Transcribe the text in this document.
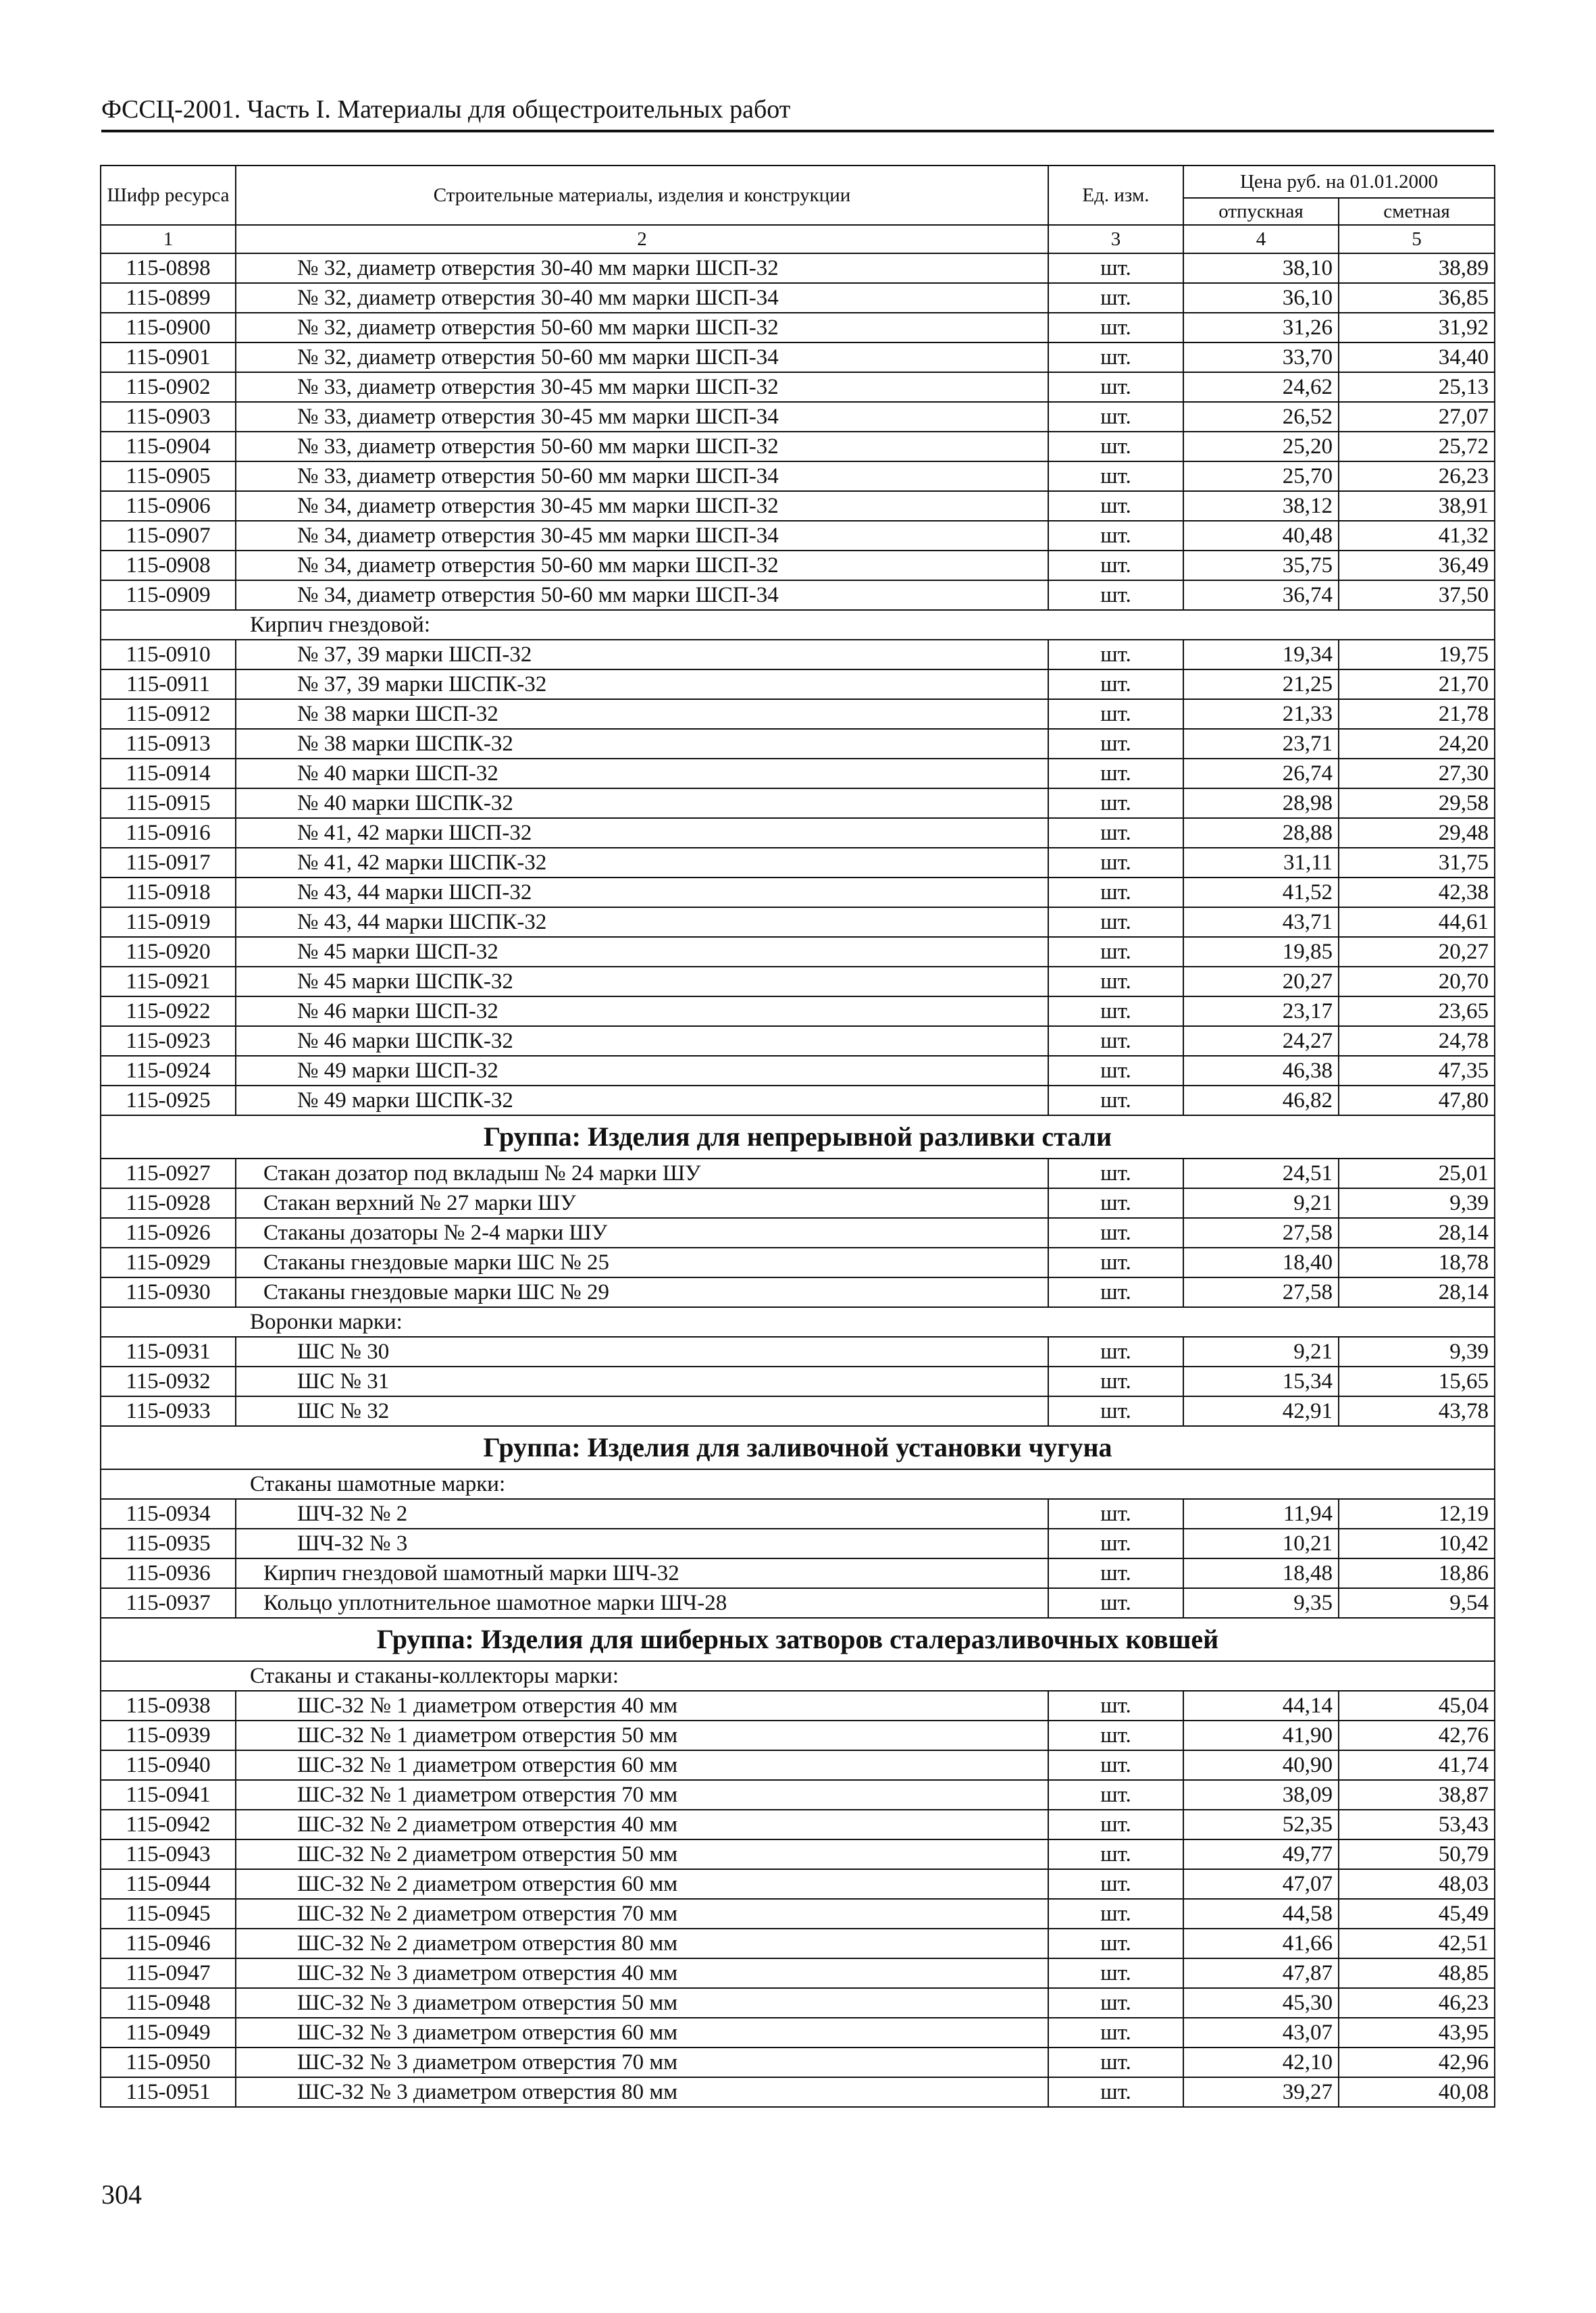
ФССЦ-2001. Часть I. Материалы для общестроительных работ
Шифр ресурса	Строительные материалы, изделия и конструкции	Ед. изм.	Цена руб. на 01.01.2000	
			отпускная	сметная
1	2	3	4	5
115-0898	№ 32, диаметр отверстия 30-40 мм марки ШСП-32	шт.	38,10	38,89
115-0899	№ 32, диаметр отверстия 30-40 мм марки ШСП-34	шт.	36,10	36,85
115-0900	№ 32, диаметр отверстия 50-60 мм марки ШСП-32	шт.	31,26	31,92
115-0901	№ 32, диаметр отверстия 50-60 мм марки ШСП-34	шт.	33,70	34,40
115-0902	№ 33, диаметр отверстия 30-45 мм марки ШСП-32	шт.	24,62	25,13
115-0903	№ 33, диаметр отверстия 30-45 мм марки ШСП-34	шт.	26,52	27,07
115-0904	№ 33, диаметр отверстия 50-60 мм марки ШСП-32	шт.	25,20	25,72
115-0905	№ 33, диаметр отверстия 50-60 мм марки ШСП-34	шт.	25,70	26,23
115-0906	№ 34, диаметр отверстия 30-45 мм марки ШСП-32	шт.	38,12	38,91
115-0907	№ 34, диаметр отверстия 30-45 мм марки ШСП-34	шт.	40,48	41,32
115-0908	№ 34, диаметр отверстия 50-60 мм марки ШСП-32	шт.	35,75	36,49
115-0909	№ 34, диаметр отверстия 50-60 мм марки ШСП-34	шт.	36,74	37,50
Кирпич гнездовой:				
115-0910	№ 37, 39 марки ШСП-32	шт.	19,34	19,75
115-0911	№ 37, 39 марки ШСПК-32	шт.	21,25	21,70
115-0912	№ 38 марки ШСП-32	шт.	21,33	21,78
115-0913	№ 38 марки ШСПК-32	шт.	23,71	24,20
115-0914	№ 40 марки ШСП-32	шт.	26,74	27,30
115-0915	№ 40 марки ШСПК-32	шт.	28,98	29,58
115-0916	№ 41, 42 марки ШСП-32	шт.	28,88	29,48
115-0917	№ 41, 42 марки ШСПК-32	шт.	31,11	31,75
115-0918	№ 43, 44 марки ШСП-32	шт.	41,52	42,38
115-0919	№ 43, 44 марки ШСПК-32	шт.	43,71	44,61
115-0920	№ 45 марки ШСП-32	шт.	19,85	20,27
115-0921	№ 45 марки ШСПК-32	шт.	20,27	20,70
115-0922	№ 46 марки ШСП-32	шт.	23,17	23,65
115-0923	№ 46 марки ШСПК-32	шт.	24,27	24,78
115-0924	№ 49 марки ШСП-32	шт.	46,38	47,35
115-0925	№ 49 марки ШСПК-32	шт.	46,82	47,80
Группа: Изделия для непрерывной разливки стали				
115-0927	Стакан дозатор под вкладыш № 24 марки ШУ	шт.	24,51	25,01
115-0928	Стакан верхний № 27 марки ШУ	шт.	9,21	9,39
115-0926	Стаканы дозаторы № 2-4 марки ШУ	шт.	27,58	28,14
115-0929	Стаканы гнездовые марки ШС № 25	шт.	18,40	18,78
115-0930	Стаканы гнездовые марки ШС № 29	шт.	27,58	28,14
Воронки марки:				
115-0931	ШС № 30	шт.	9,21	9,39
115-0932	ШС № 31	шт.	15,34	15,65
115-0933	ШС № 32	шт.	42,91	43,78
Группа: Изделия для заливочной установки чугуна				
Стаканы шамотные марки:				
115-0934	ШЧ-32 № 2	шт.	11,94	12,19
115-0935	ШЧ-32 № 3	шт.	10,21	10,42
115-0936	Кирпич гнездовой шамотный марки ШЧ-32	шт.	18,48	18,86
115-0937	Кольцо уплотнительное шамотное марки ШЧ-28	шт.	9,35	9,54
Группа: Изделия для шиберных затворов сталеразливочных ковшей				
Стаканы и стаканы-коллекторы марки:				
115-0938	ШС-32 № 1 диаметром отверстия 40 мм	шт.	44,14	45,04
115-0939	ШС-32 № 1 диаметром отверстия 50 мм	шт.	41,90	42,76
115-0940	ШС-32 № 1 диаметром отверстия 60 мм	шт.	40,90	41,74
115-0941	ШС-32 № 1 диаметром отверстия 70 мм	шт.	38,09	38,87
115-0942	ШС-32 № 2 диаметром отверстия 40 мм	шт.	52,35	53,43
115-0943	ШС-32 № 2 диаметром отверстия 50 мм	шт.	49,77	50,79
115-0944	ШС-32 № 2 диаметром отверстия 60 мм	шт.	47,07	48,03
115-0945	ШС-32 № 2 диаметром отверстия 70 мм	шт.	44,58	45,49
115-0946	ШС-32 № 2 диаметром отверстия 80 мм	шт.	41,66	42,51
115-0947	ШС-32 № 3 диаметром отверстия 40 мм	шт.	47,87	48,85
115-0948	ШС-32 № 3 диаметром отверстия 50 мм	шт.	45,30	46,23
115-0949	ШС-32 № 3 диаметром отверстия 60 мм	шт.	43,07	43,95
115-0950	ШС-32 № 3 диаметром отверстия 70 мм	шт.	42,10	42,96
115-0951	ШС-32 № 3 диаметром отверстия 80 мм	шт.	39,27	40,08
304
